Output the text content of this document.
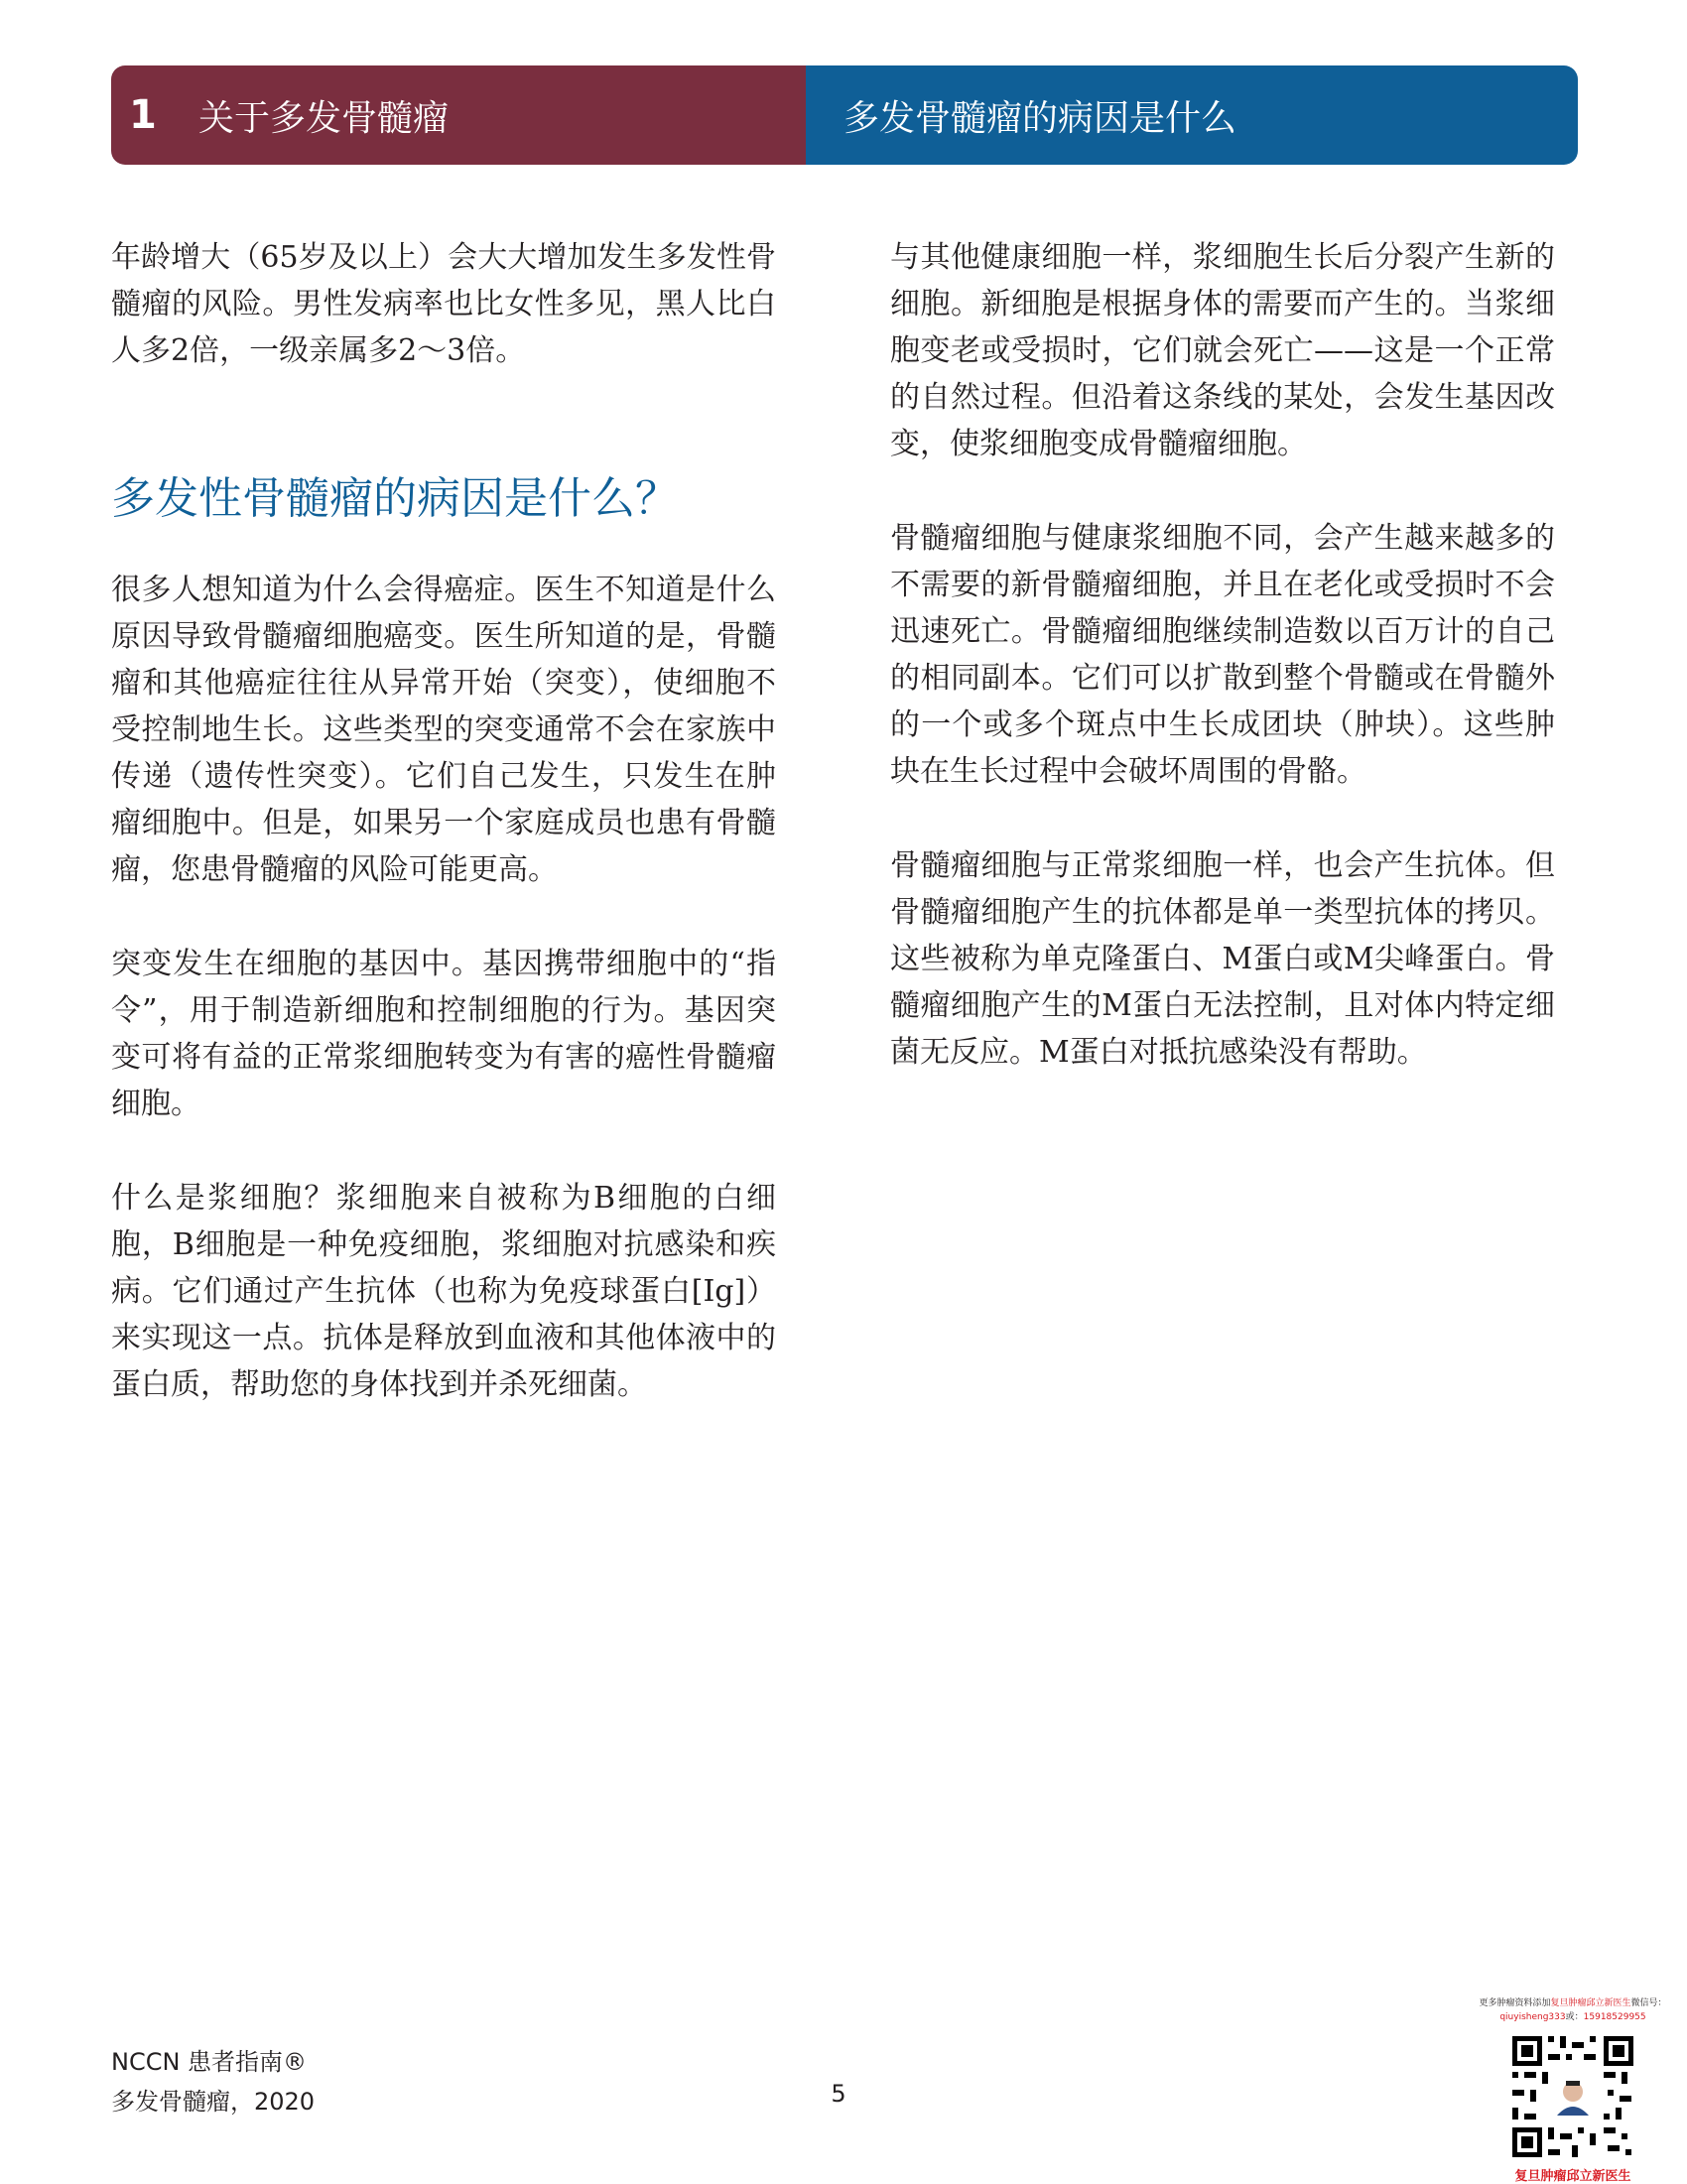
1	关于多发骨髓瘤	多发骨髓瘤的病因是什么

年龄增大（65岁及以上）会大大增加发生多发性骨髓瘤的风险。男性发病率也比女性多见，黑人比白人多2倍，一级亲属多2～3倍。

多发性骨髓瘤的病因是什么？

很多人想知道为什么会得癌症。医生不知道是什么原因导致骨髓瘤细胞癌变。医生所知道的是，骨髓瘤和其他癌症往往从异常开始（突变），使细胞不受控制地生长。这些类型的突变通常不会在家族中传递（遗传性突变）。它们自己发生，只发生在肿瘤细胞中。但是，如果另一个家庭成员也患有骨髓瘤，您患骨髓瘤的风险可能更高。

突变发生在细胞的基因中。基因携带细胞中的“指令”，用于制造新细胞和控制细胞的行为。基因突变可将有益的正常浆细胞转变为有害的癌性骨髓瘤细胞。

什么是浆细胞？浆细胞来自被称为B细胞的白细胞，B细胞是一种免疫细胞，浆细胞对抗感染和疾病。它们通过产生抗体（也称为免疫球蛋白[Ig]）来实现这一点。抗体是释放到血液和其他体液中的蛋白质，帮助您的身体找到并杀死细菌。

与其他健康细胞一样，浆细胞生长后分裂产生新的细胞。新细胞是根据身体的需要而产生的。当浆细胞变老或受损时，它们就会死亡——这是一个正常的自然过程。但沿着这条线的某处，会发生基因改变，使浆细胞变成骨髓瘤细胞。

骨髓瘤细胞与健康浆细胞不同，会产生越来越多的不需要的新骨髓瘤细胞，并且在老化或受损时不会迅速死亡。骨髓瘤细胞继续制造数以百万计的自己的相同副本。它们可以扩散到整个骨髓或在骨髓外的一个或多个斑点中生长成团块（肿块）。这些肿块在生长过程中会破坏周围的骨骼。

骨髓瘤细胞与正常浆细胞一样，也会产生抗体。但骨髓瘤细胞产生的抗体都是单一类型抗体的拷贝。这些被称为单克隆蛋白、M蛋白或M尖峰蛋白。骨髓瘤细胞产生的M蛋白无法控制，且对体内特定细菌无反应。M蛋白对抵抗感染没有帮助。

NCCN 患者指南®
多发骨髓瘤，2020	5
更多肿瘤资料添加复旦肿瘤邱立新医生微信号：
qiuyisheng333或：15918529955
复旦肿瘤邱立新医生
